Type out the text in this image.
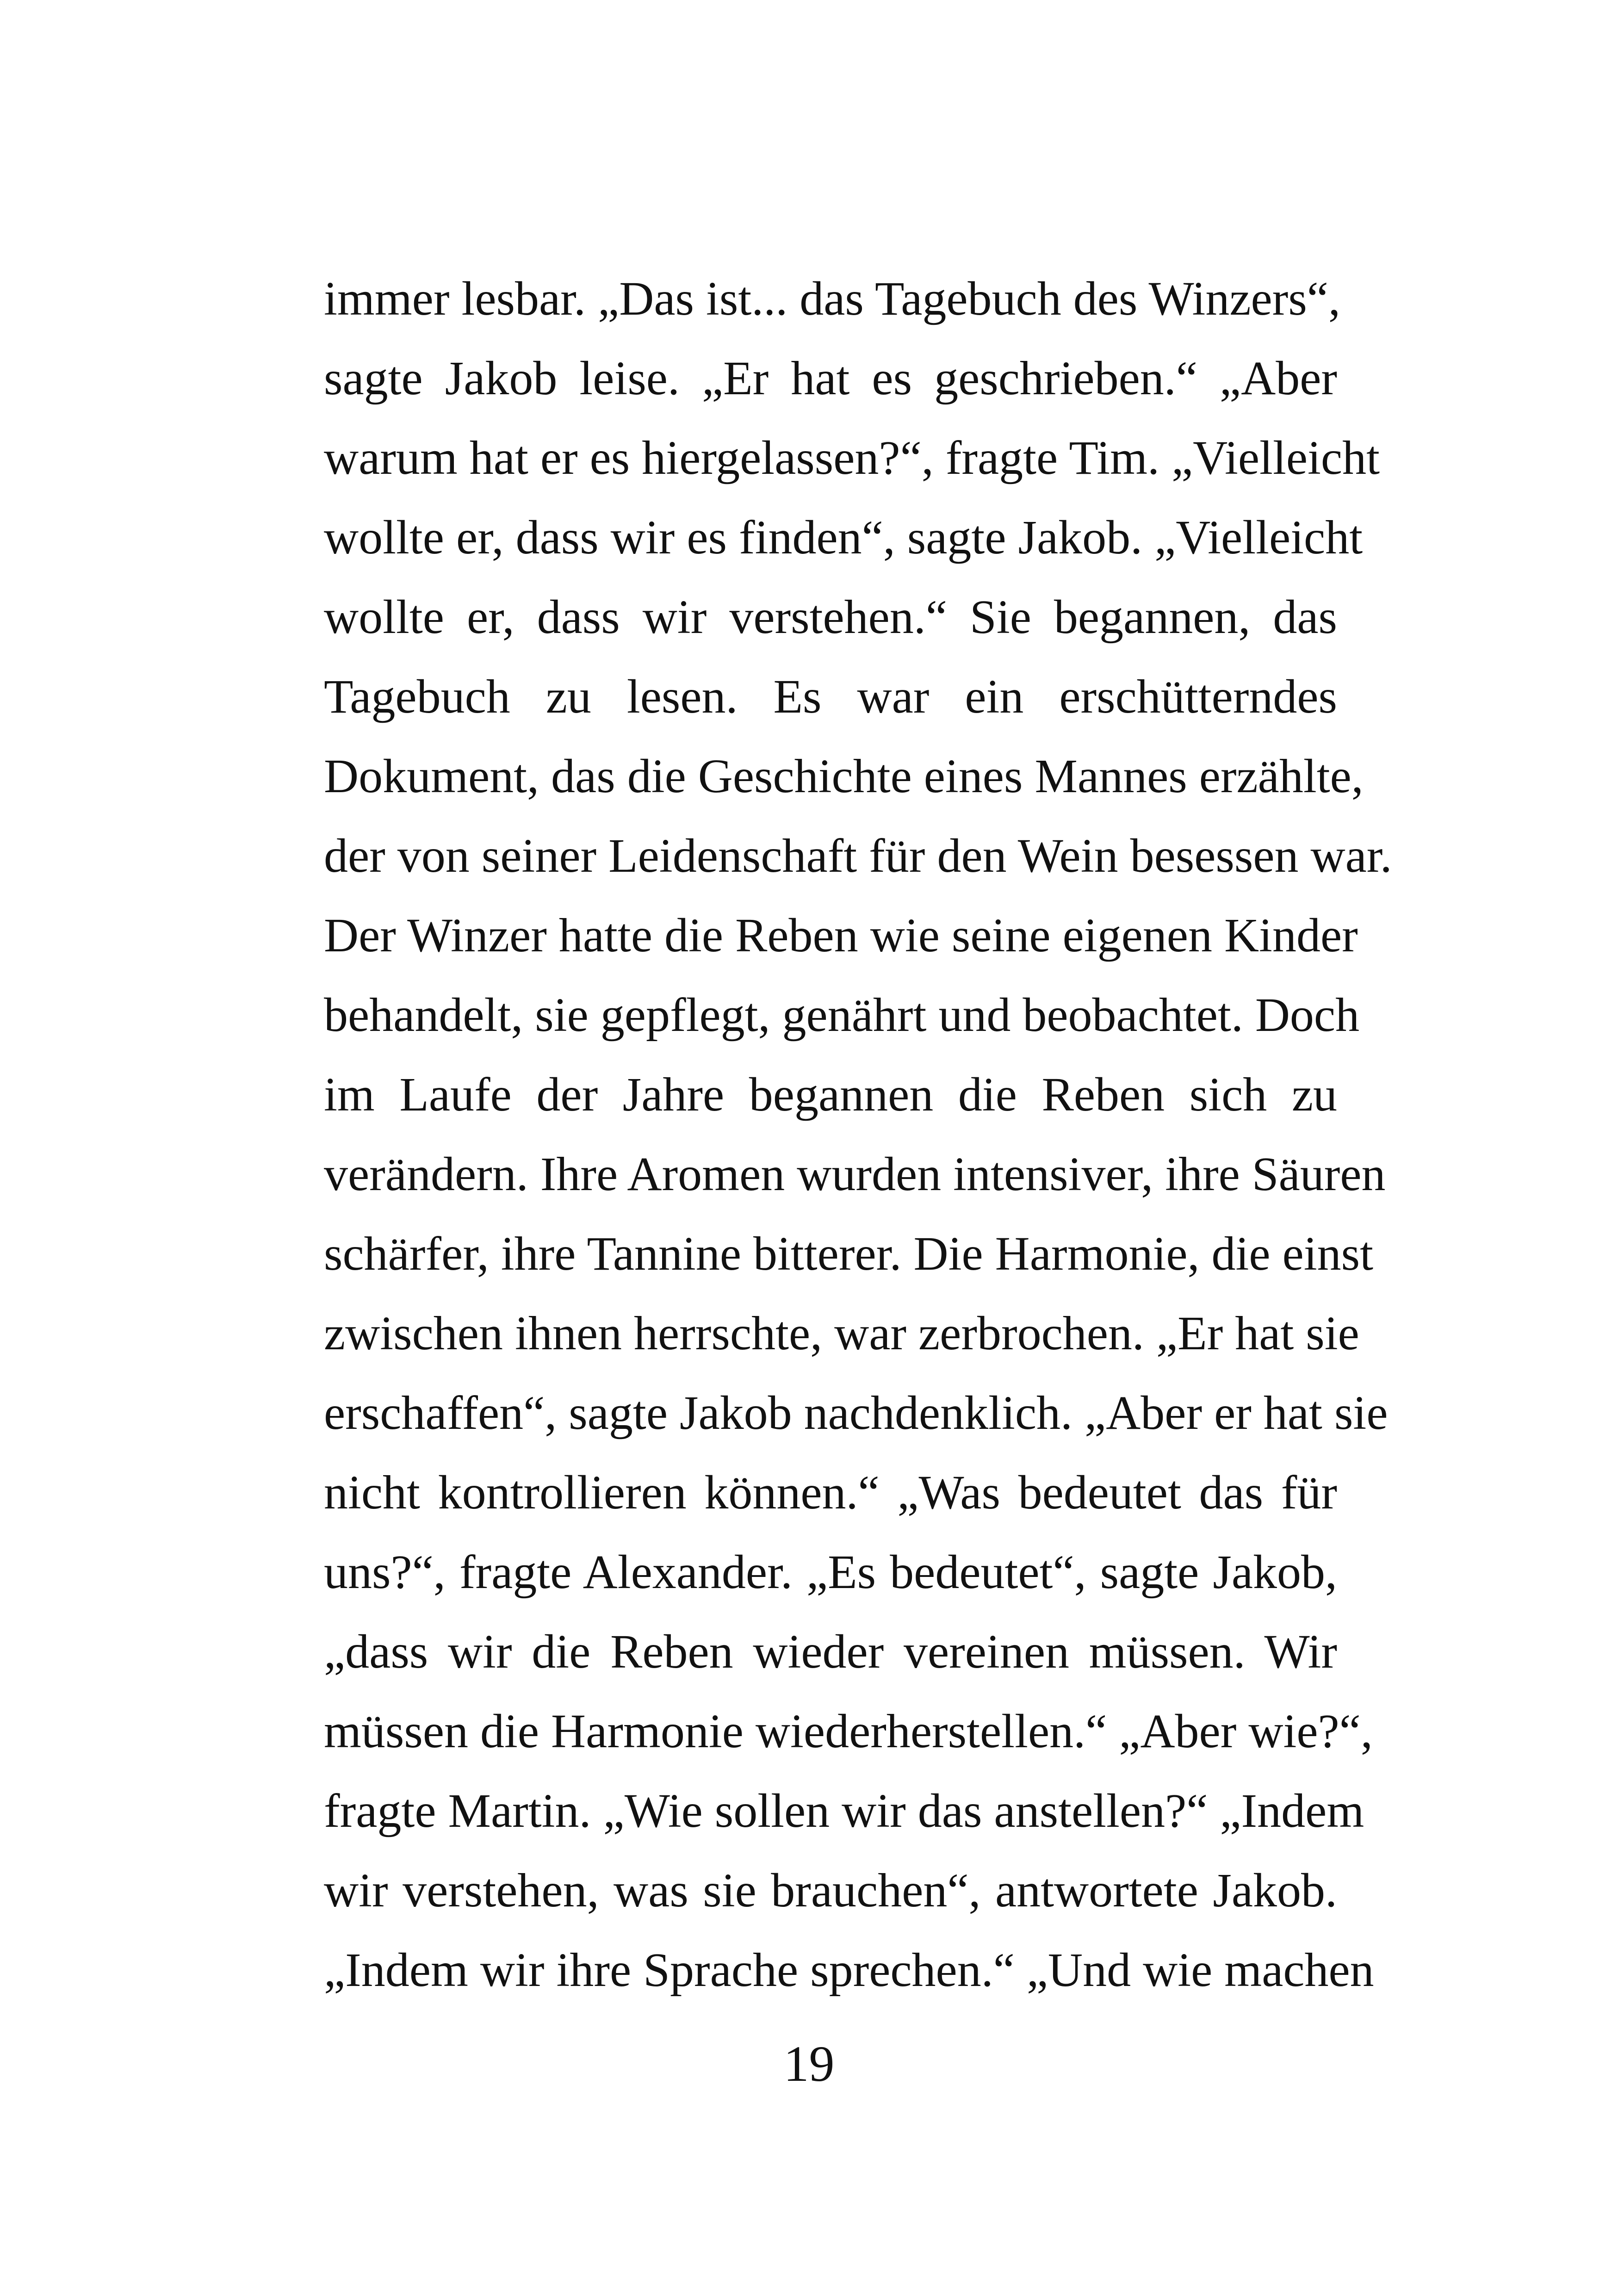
immer lesbar. „Das ist... das Tagebuch des Winzers“,
sagte Jakob leise. „Er hat es geschrieben.“ „Aber
warum hat er es hiergelassen?“, fragte Tim. „Vielleicht
wollte er, dass wir es finden“, sagte Jakob. „Vielleicht
wollte er, dass wir verstehen.“ Sie begannen, das
Tagebuch zu lesen. Es war ein erschütterndes
Dokument, das die Geschichte eines Mannes erzählte,
der von seiner Leidenschaft für den Wein besessen war.
Der Winzer hatte die Reben wie seine eigenen Kinder
behandelt, sie gepflegt, genährt und beobachtet. Doch
im Laufe der Jahre begannen die Reben sich zu
verändern. Ihre Aromen wurden intensiver, ihre Säuren
schärfer, ihre Tannine bitterer. Die Harmonie, die einst
zwischen ihnen herrschte, war zerbrochen. „Er hat sie
erschaffen“, sagte Jakob nachdenklich. „Aber er hat sie
nicht kontrollieren können.“ „Was bedeutet das für
uns?“, fragte Alexander. „Es bedeutet“, sagte Jakob,
„dass wir die Reben wieder vereinen müssen. Wir
müssen die Harmonie wiederherstellen.“ „Aber wie?“,
fragte Martin. „Wie sollen wir das anstellen?“ „Indem
wir verstehen, was sie brauchen“, antwortete Jakob.
„Indem wir ihre Sprache sprechen.“ „Und wie machen
19
